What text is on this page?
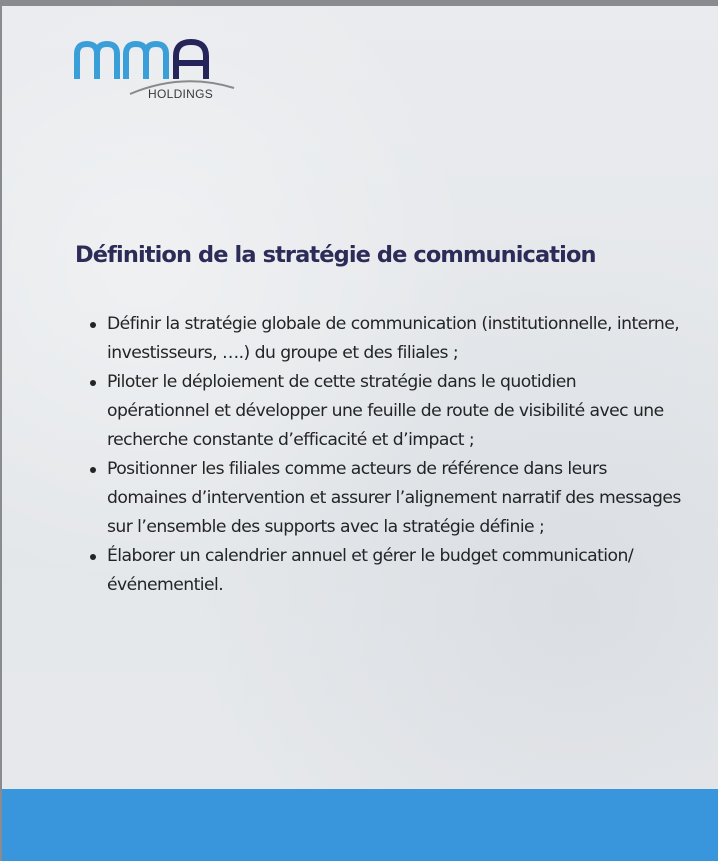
HOLDINGS
Définition de la stratégie de communication
Définir la stratégie globale de communication (institutionnelle, interne, investisseurs, ….) du groupe et des filiales ;
Piloter le déploiement de cette stratégie dans le quotidien opérationnel et développer une feuille de route de visibilité avec une recherche constante d’efficacité et d’impact ;
Positionner les filiales comme acteurs de référence dans leurs domaines d’intervention et assurer l’alignement narratif des messages sur l’ensemble des supports avec la stratégie définie ;
Élaborer un calendrier annuel et gérer le budget communication/événementiel.
